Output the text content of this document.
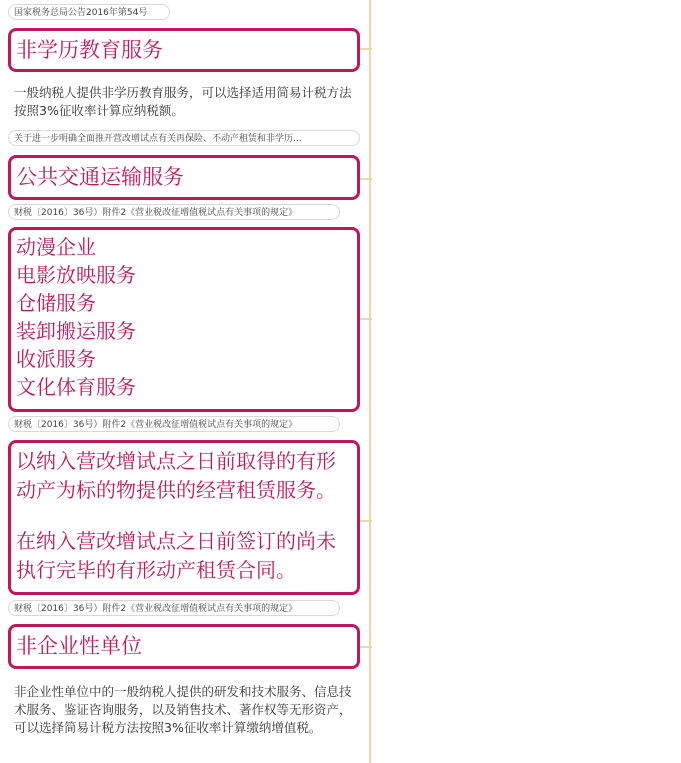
国家税务总局公告2016年第54号
非学历教育服务
一般纳税人提供非学历教育服务，可以选择适用简易计税方法按照3%征收率计算应纳税额。
关于进一步明确全面推开营改增试点有关再保险、不动产租赁和非学历...
公共交通运输服务
财税〔2016〕36号）附件2《营业税改征增值税试点有关事项的规定》
动漫企业
电影放映服务
仓储服务
装卸搬运服务
收派服务
文化体育服务
财税〔2016〕36号）附件2《营业税改征增值税试点有关事项的规定》
以纳入营改增试点之日前取得的有形
动产为标的物提供的经营租赁服务。
在纳入营改增试点之日前签订的尚未
执行完毕的有形动产租赁合同。
财税〔2016〕36号）附件2《营业税改征增值税试点有关事项的规定》
非企业性单位
非企业性单位中的一般纳税人提供的研发和技术服务、信息技术服务、鉴证咨询服务，以及销售技术、著作权等无形资产，可以选择简易计税方法按照3%征收率计算缴纳增值税。
